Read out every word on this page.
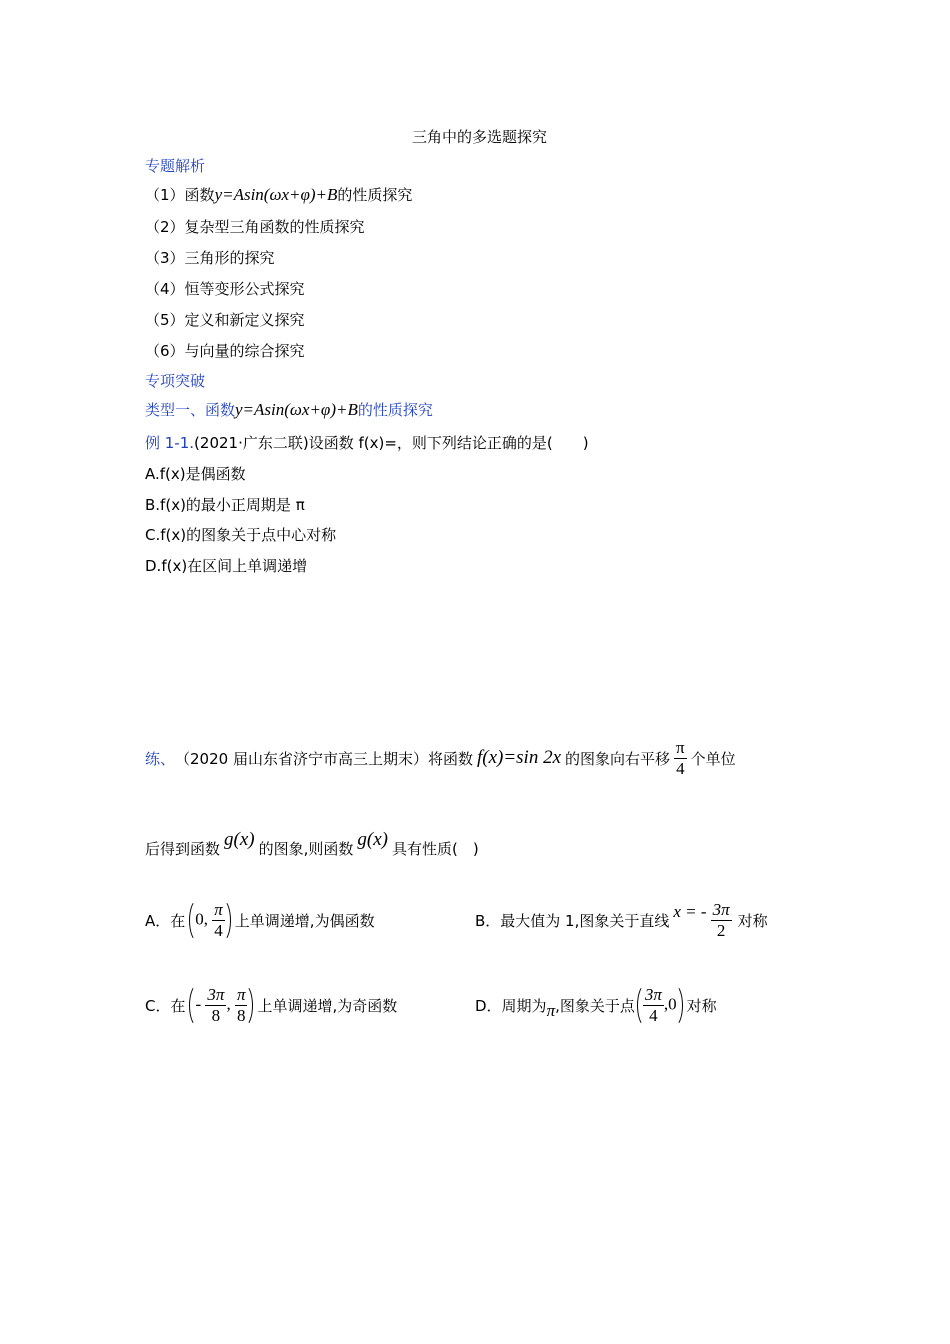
三角中的多选题探究
专题解析
（1）函数y=Asin(ωx+φ)+B的性质探究
（2）复杂型三角函数的性质探究
（3）三角形的探究
（4）恒等变形公式探究
（5）定义和新定义探究
（6）与向量的综合探究
专项突破
类型一、函数y=Asin(ωx+φ)+B的性质探究
例 1-1.(2021·广东二联)设函数 f(x)=，则下列结论正确的是(　　)
A.f(x)是偶函数
B.f(x)的最小正周期是 π
C.f(x)的图象关于点中心对称
D.f(x)在区间上单调递增
练、 （2020 届山东省济宁市高三上期末）将函数 f(x)=sin 2x 的图象向右平移 $\frac{\pi}{4}$ 个单位
后得到函数 g(x) 的图象,则函数 g(x) 具有性质(　)
A．在 0, $\frac{\pi}{4}$ 上单调递增,为偶函数	B．最大值为 1,图象关于直线 x = - $\frac{3\pi}{2}$ 对称
C．在 - $\frac{3\pi}{8}$ , $\frac{\pi}{8}$ 上单调递增,为奇函数	D．周期为 π ,图象关于点 $\frac{3\pi}{4} ,0$ 对称
